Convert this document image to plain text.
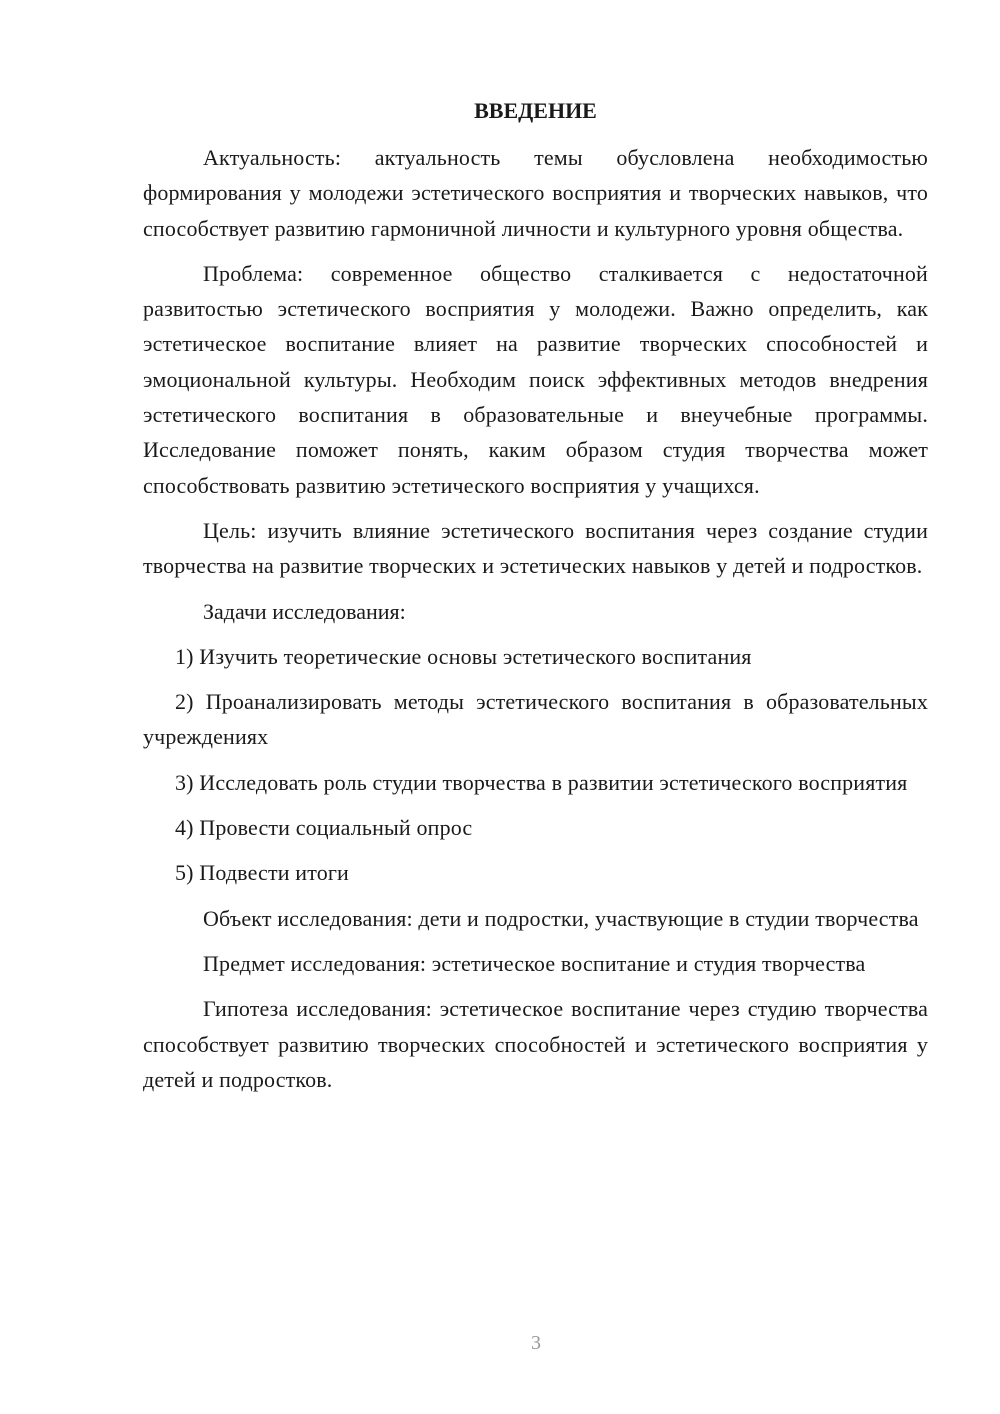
ВВЕДЕНИЕ

Актуальность: актуальность темы обусловлена необходимостью формирования у молодежи эстетического восприятия и творческих навыков, что способствует развитию гармоничной личности и культурного уровня общества.

Проблема: современное общество сталкивается с недостаточной развитостью эстетического восприятия у молодежи. Важно определить, как эстетическое воспитание влияет на развитие творческих способностей и эмоциональной культуры. Необходим поиск эффективных методов внедрения эстетического воспитания в образовательные и внеучебные программы. Исследование поможет понять, каким образом студия творчества может способствовать развитию эстетического восприятия у учащихся.

Цель: изучить влияние эстетического воспитания через создание студии творчества на развитие творческих и эстетических навыков у детей и подростков.

Задачи исследования:

1) Изучить теоретические основы эстетического воспитания

2) Проанализировать методы эстетического воспитания в образовательных учреждениях

3) Исследовать роль студии творчества в развитии эстетического восприятия

4) Провести социальный опрос

5) Подвести итоги

Объект исследования: дети и подростки, участвующие в студии творчества

Предмет исследования: эстетическое воспитание и студия творчества

Гипотеза исследования: эстетическое воспитание через студию творчества способствует развитию творческих способностей и эстетического восприятия у детей и подростков.

3
